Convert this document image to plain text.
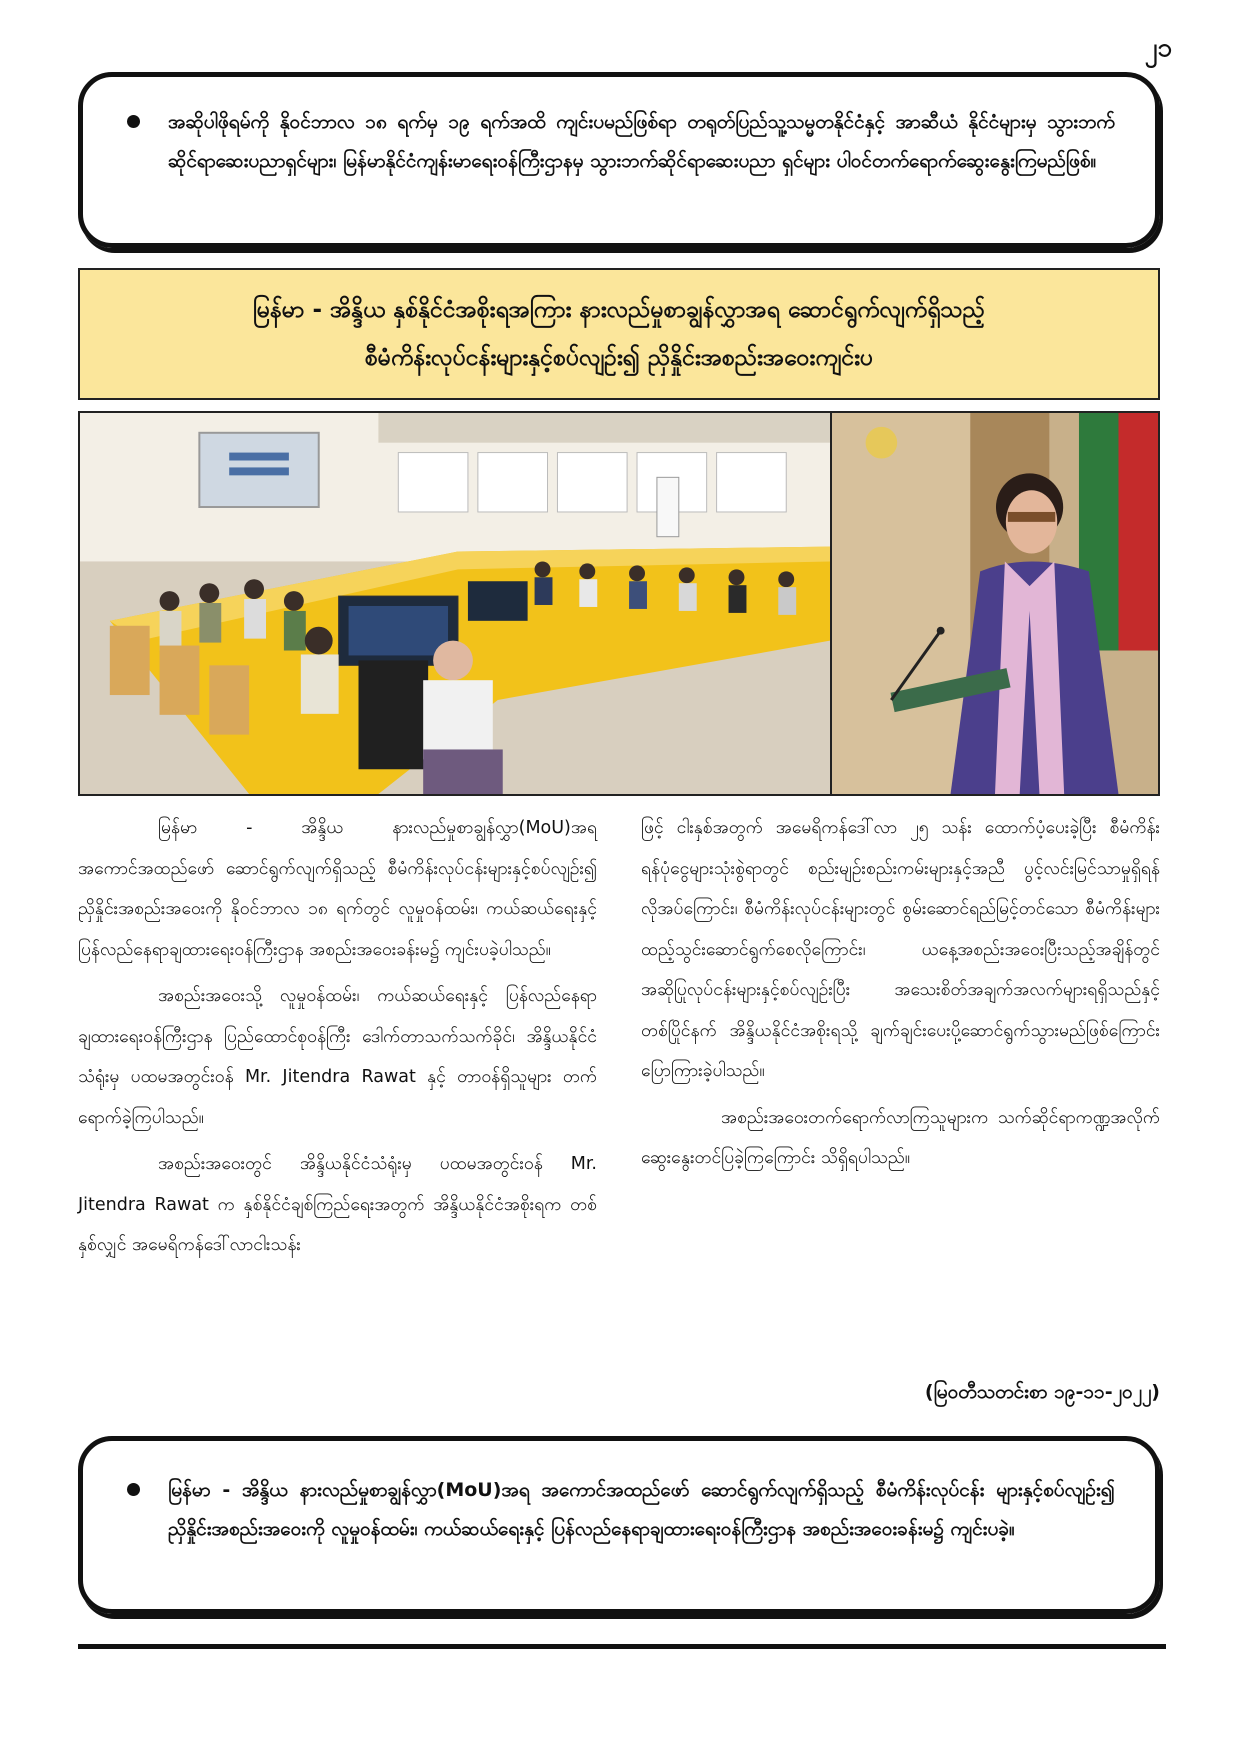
၂၁
အဆိုပါဖိုရမ်ကို နိုဝင်ဘာလ ၁၈ ရက်မှ ၁၉ ရက်အထိ ကျင်းပမည်ဖြစ်ရာ တရုတ်ပြည်သူ့သမ္မတနိုင်ငံနှင့် အာဆီယံ နိုင်ငံများမှ သွားဘက်ဆိုင်ရာဆေးပညာရှင်များ၊ မြန်မာနိုင်ငံကျန်းမာရေးဝန်ကြီးဌာနမှ သွားဘက်ဆိုင်ရာဆေးပညာ ရှင်များ ပါဝင်တက်ရောက်ဆွေးနွေးကြမည်ဖြစ်။
မြန်မာ - အိန္ဒိယ နှစ်နိုင်ငံအစိုးရအကြား နားလည်မှုစာချွန်လွှာအရ ဆောင်ရွက်လျက်ရှိသည့်
စီမံကိန်းလုပ်ငန်းများနှင့်စပ်လျဉ်း၍ ညှိနှိုင်းအစည်းအဝေးကျင်းပ

မြန်မာ - အိန္ဒိယ နားလည်မှုစာချွန်လွှာ(MoU)အရ အကောင်အထည်ဖော် ဆောင်ရွက်လျက်ရှိသည့် စီမံကိန်းလုပ်ငန်းများနှင့်စပ်လျဉ်း၍ ညှိနှိုင်းအစည်းအဝေးကို နိုဝင်ဘာလ ၁၈ ရက်တွင် လူမှုဝန်ထမ်း၊ ကယ်ဆယ်ရေးနှင့် ပြန်လည်နေရာချထားရေးဝန်ကြီးဌာန အစည်းအဝေးခန်းမ၌ ကျင်းပခဲ့ပါသည်။

အစည်းအဝေးသို့ လူမှုဝန်ထမ်း၊ ကယ်ဆယ်ရေးနှင့် ပြန်လည်နေရာချထားရေးဝန်ကြီးဌာန ပြည်ထောင်စုဝန်ကြီး ဒေါက်တာသက်သက်ခိုင်၊ အိန္ဒိယနိုင်ငံသံရုံးမှ ပထမအတွင်းဝန် Mr. Jitendra Rawat နှင့် တာဝန်ရှိသူများ တက်ရောက်ခဲ့ကြပါသည်။

အစည်းအဝေးတွင် အိန္ဒိယနိုင်ငံသံရုံးမှ ပထမအတွင်းဝန် Mr. Jitendra Rawat က နှစ်နိုင်ငံချစ်ကြည်ရေးအတွက် အိန္ဒိယနိုင်ငံအစိုးရက တစ်နှစ်လျှင် အမေရိကန်ဒေါ်လာငါးသန်း

ဖြင့် ငါးနှစ်အတွက် အမေရိကန်ဒေါ်လာ ၂၅ သန်း ထောက်ပံ့ပေးခဲ့ပြီး စီမံကိန်းရန်ပုံငွေများသုံးစွဲရာတွင် စည်းမျဉ်းစည်းကမ်းများနှင့်အညီ ပွင့်လင်းမြင်သာမှုရှိရန် လိုအပ်ကြောင်း၊ စီမံကိန်းလုပ်ငန်းများတွင် စွမ်းဆောင်ရည်မြင့်တင်သော စီမံကိန်းများ ထည့်သွင်းဆောင်ရွက်စေလိုကြောင်း၊ ယနေ့အစည်းအဝေးပြီးသည့်အချိန်တွင် အဆိုပြုလုပ်ငန်းများနှင့်စပ်လျဉ်းပြီး အသေးစိတ်အချက်အလက်များရရှိသည်နှင့်တစ်ပြိုင်နက် အိန္ဒိယနိုင်ငံအစိုးရသို့ ချက်ချင်းပေးပို့ဆောင်ရွက်သွားမည်ဖြစ်ကြောင်း ပြောကြားခဲ့ပါသည်။

အစည်းအဝေးတက်ရောက်လာကြသူများက သက်ဆိုင်ရာကဏ္ဍအလိုက် ဆွေးနွေးတင်ပြခဲ့ကြကြောင်း သိရှိရပါသည်။

(မြဝတီသတင်းစာ ၁၉-၁၁-၂၀၂၂)
မြန်မာ - အိန္ဒိယ နားလည်မှုစာချွန်လွှာ(MoU)အရ အကောင်အထည်ဖော် ဆောင်ရွက်လျက်ရှိသည့် စီမံကိန်းလုပ်ငန်း များနှင့်စပ်လျဉ်း၍ ညှိနှိုင်းအစည်းအဝေးကို လူမှုဝန်ထမ်း၊ ကယ်ဆယ်ရေးနှင့် ပြန်လည်နေရာချထားရေးဝန်ကြီးဌာန အစည်းအဝေးခန်းမ၌ ကျင်းပခဲ့။
